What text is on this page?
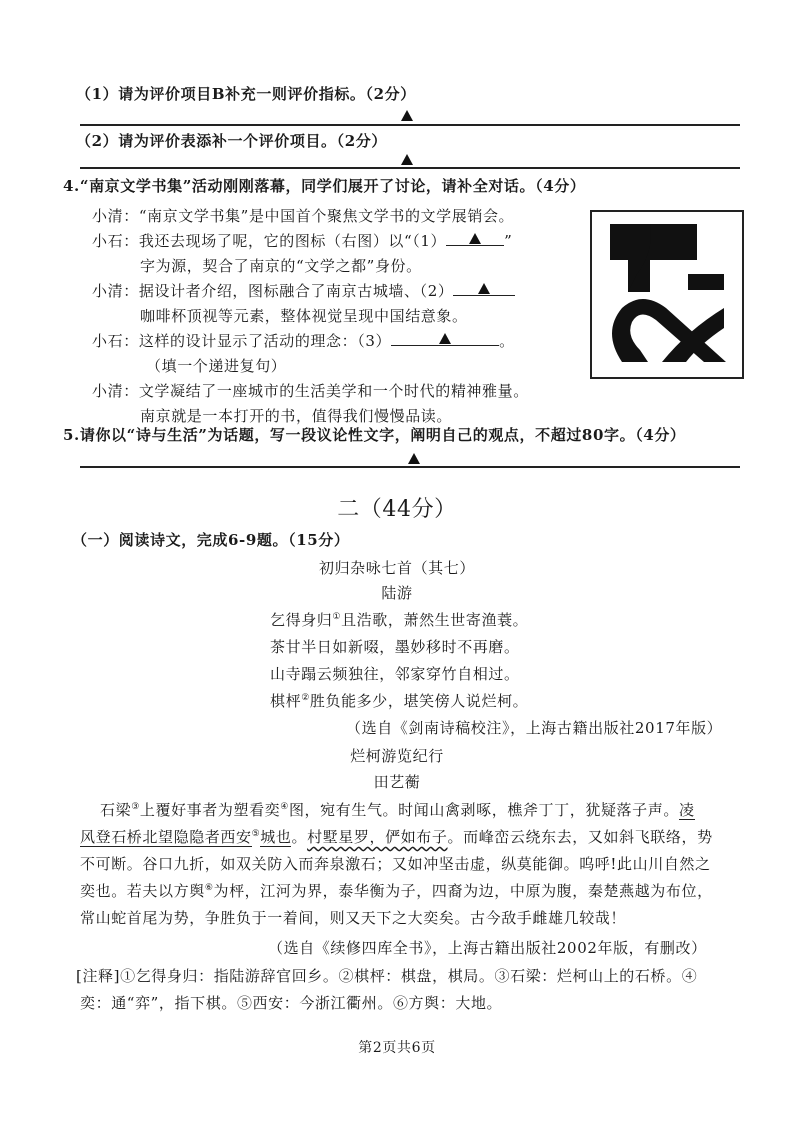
（1）请为评价项目B补充一则评价指标。（2分）
（2）请为评价表添补一个评价项目。（2分）
4.“南京文学书集”活动刚刚落幕，同学们展开了讨论，请补全对话。（4分）
小清：“南京文学书集”是中国首个聚焦文学书的文学展销会。
小石：我还去现场了呢，它的图标（右图）以“（1）	”
字为源，契合了南京的“文学之都”身份。
小清：据设计者介绍，图标融合了南京古城墙、（2）
咖啡杯顶视等元素，整体视觉呈现中国结意象。
小石：这样的设计显示了活动的理念：（3）	。
（填一个递进复句）
小清：文学凝结了一座城市的生活美学和一个时代的精神雅量。
南京就是一本打开的书，值得我们慢慢品读。
5.请你以“诗与生活”为话题，写一段议论性文字，阐明自己的观点，不超过80字。（4分）
二（44分）
（一）阅读诗文，完成6-9题。（15分）
初归杂咏七首（其七）
陆游
乞得身归①且浩歌，萧然生世寄渔蓑。
茶甘半日如新啜，墨妙移时不再磨。
山寺蹋云频独往，邻家穿竹自相过。
棋枰②胜负能多少，堪笑傍人说烂柯。
（选自《剑南诗稿校注》，上海古籍出版社2017年版）
烂柯游览纪行
田艺蘅
石梁③上覆好事者为塑看奕④图，宛有生气。时闻山禽剥啄，樵斧丁丁，犹疑落子声。凌
风登石桥北望隐隐者西安⑤城也。村墅星罗，俨如布子。而峰峦云绕东去，又如斜飞联络，势
不可断。谷口九折，如双关防入而奔泉激石；又如冲坚击虚，纵莫能御。呜呼!此山川自然之
奕也。若夫以方舆⑥为枰，江河为界，泰华衡为子，四裔为边，中原为腹，秦楚燕越为布位，
常山蛇首尾为势，争胜负于一着间，则又天下之大奕矣。古今敌手雌雄几较哉！
（选自《续修四库全书》，上海古籍出版社2002年版，有删改）
[注释]①乞得身归：指陆游辞官回乡。②棋枰：棋盘，棋局。③石梁：烂柯山上的石桥。④
奕：通“弈”，指下棋。⑤西安：今浙江衢州。⑥方舆：大地。
第2页共6页
